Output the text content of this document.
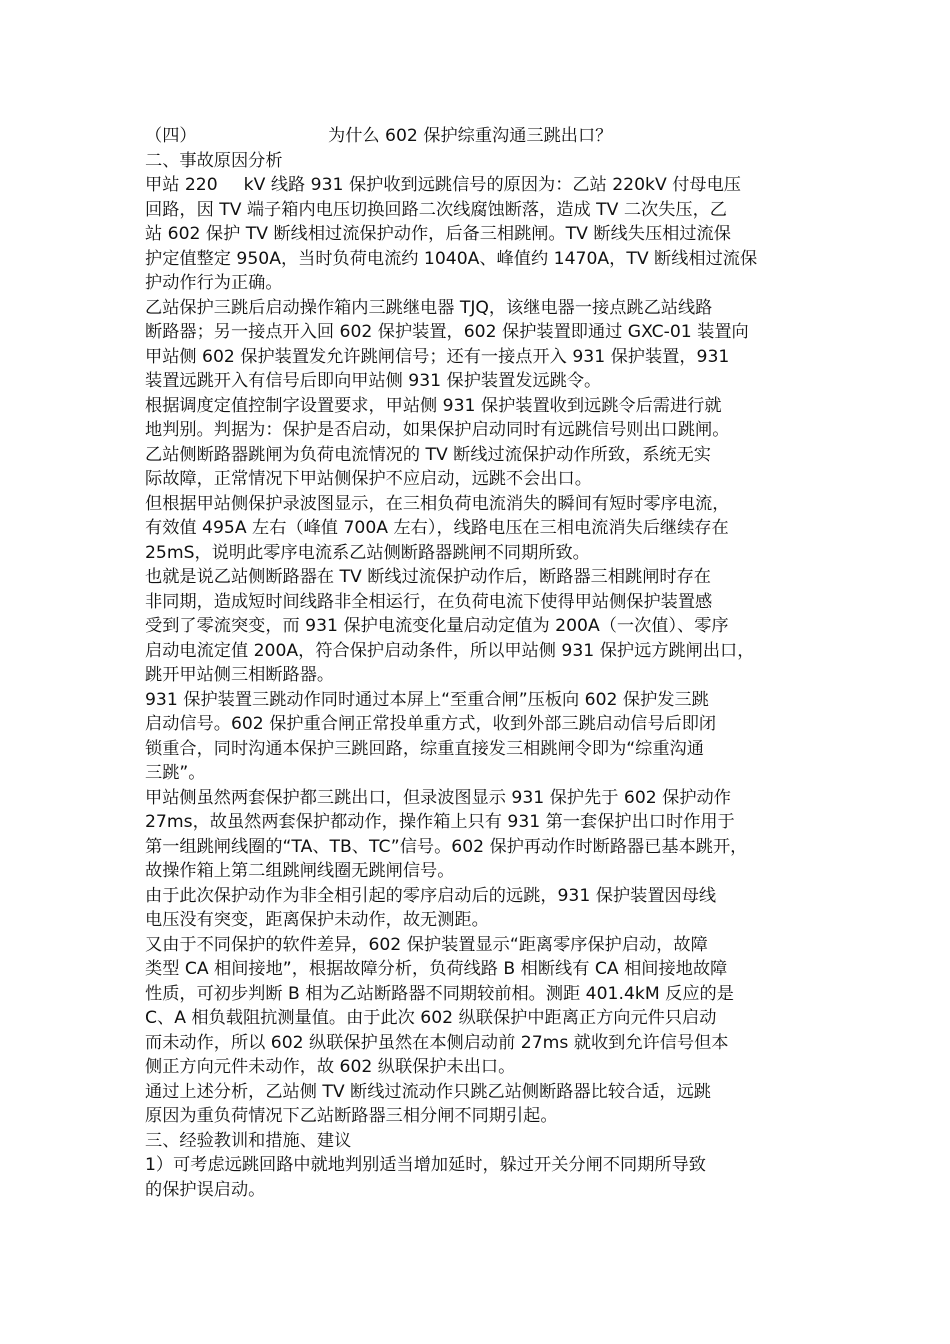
（四）	为什么 602 保护综重沟通三跳出口？
二、事故原因分析
甲站 220 kV 线路 931 保护收到远跳信号的原因为：乙站 220kV 付母电压
回路，因 TV 端子箱内电压切换回路二次线腐蚀断落，造成 TV 二次失压，乙
站 602 保护 TV 断线相过流保护动作，后备三相跳闸。TV 断线失压相过流保
护定值整定 950A，当时负荷电流约 1040A、峰值约 1470A，TV 断线相过流保
护动作行为正确。
乙站保护三跳后启动操作箱内三跳继电器 TJQ，该继电器一接点跳乙站线路
断路器；另一接点开入回 602 保护装置，602 保护装置即通过 GXC-01 装置向
甲站侧 602 保护装置发允许跳闸信号；还有一接点开入 931 保护装置，931
装置远跳开入有信号后即向甲站侧 931 保护装置发远跳令。
根据调度定值控制字设置要求，甲站侧 931 保护装置收到远跳令后需进行就
地判别。判据为：保护是否启动，如果保护启动同时有远跳信号则出口跳闸。
乙站侧断路器跳闸为负荷电流情况的 TV 断线过流保护动作所致，系统无实
际故障，正常情况下甲站侧保护不应启动，远跳不会出口。
但根据甲站侧保护录波图显示，在三相负荷电流消失的瞬间有短时零序电流，
有效值 495A 左右（峰值 700A 左右），线路电压在三相电流消失后继续存在
25mS，说明此零序电流系乙站侧断路器跳闸不同期所致。
也就是说乙站侧断路器在 TV 断线过流保护动作后，断路器三相跳闸时存在
非同期，造成短时间线路非全相运行，在负荷电流下使得甲站侧保护装置感
受到了零流突变，而 931 保护电流变化量启动定值为 200A（一次值）、零序
启动电流定值 200A，符合保护启动条件，所以甲站侧 931 保护远方跳闸出口，
跳开甲站侧三相断路器。
931 保护装置三跳动作同时通过本屏上“至重合闸”压板向 602 保护发三跳
启动信号。602 保护重合闸正常投单重方式，收到外部三跳启动信号后即闭
锁重合，同时沟通本保护三跳回路，综重直接发三相跳闸令即为“综重沟通
三跳”。
甲站侧虽然两套保护都三跳出口，但录波图显示 931 保护先于 602 保护动作
27ms，故虽然两套保护都动作，操作箱上只有 931 第一套保护出口时作用于
第一组跳闸线圈的“TA、TB、TC”信号。602 保护再动作时断路器已基本跳开，
故操作箱上第二组跳闸线圈无跳闸信号。
由于此次保护动作为非全相引起的零序启动后的远跳，931 保护装置因母线
电压没有突变，距离保护未动作，故无测距。
又由于不同保护的软件差异，602 保护装置显示“距离零序保护启动，故障
类型 CA 相间接地”，根据故障分析，负荷线路 B 相断线有 CA 相间接地故障
性质，可初步判断 B 相为乙站断路器不同期较前相。测距 401.4kM 反应的是
C、A 相负载阻抗测量值。由于此次 602 纵联保护中距离正方向元件只启动
而未动作，所以 602 纵联保护虽然在本侧启动前 27ms 就收到允许信号但本
侧正方向元件未动作，故 602 纵联保护未出口。
通过上述分析，乙站侧 TV 断线过流动作只跳乙站侧断路器比较合适，远跳
原因为重负荷情况下乙站断路器三相分闸不同期引起。
三、经验教训和措施、建议
1）可考虑远跳回路中就地判别适当增加延时，躲过开关分闸不同期所导致
的保护误启动。
